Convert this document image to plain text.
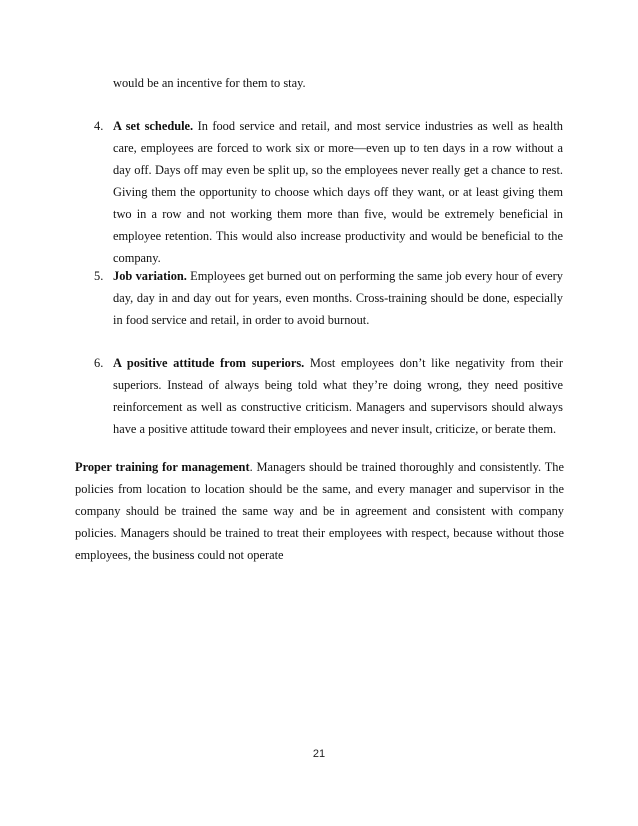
would be an incentive for them to stay.

4. A set schedule. In food service and retail, and most service industries as well as health care, employees are forced to work six or more—even up to ten days in a row without a day off. Days off may even be split up, so the employees never really get a chance to rest. Giving them the opportunity to choose which days off they want, or at least giving them two in a row and not working them more than five, would be extremely beneficial in employee retention. This would also increase productivity and would be beneficial to the company.
5. Job variation. Employees get burned out on performing the same job every hour of every day, day in and day out for years, even months. Cross-training should be done, especially in food service and retail, in order to avoid burnout.
6. A positive attitude from superiors. Most employees don’t like negativity from their superiors. Instead of always being told what they’re doing wrong, they need positive reinforcement as well as constructive criticism. Managers and supervisors should always have a positive attitude toward their employees and never insult, criticize, or berate them.
Proper training for management. Managers should be trained thoroughly and consistently. The policies from location to location should be the same, and every manager and supervisor in the company should be trained the same way and be in agreement and consistent with company policies. Managers should be trained to treat their employees with respect, because without those employees, the business could not operate
21
